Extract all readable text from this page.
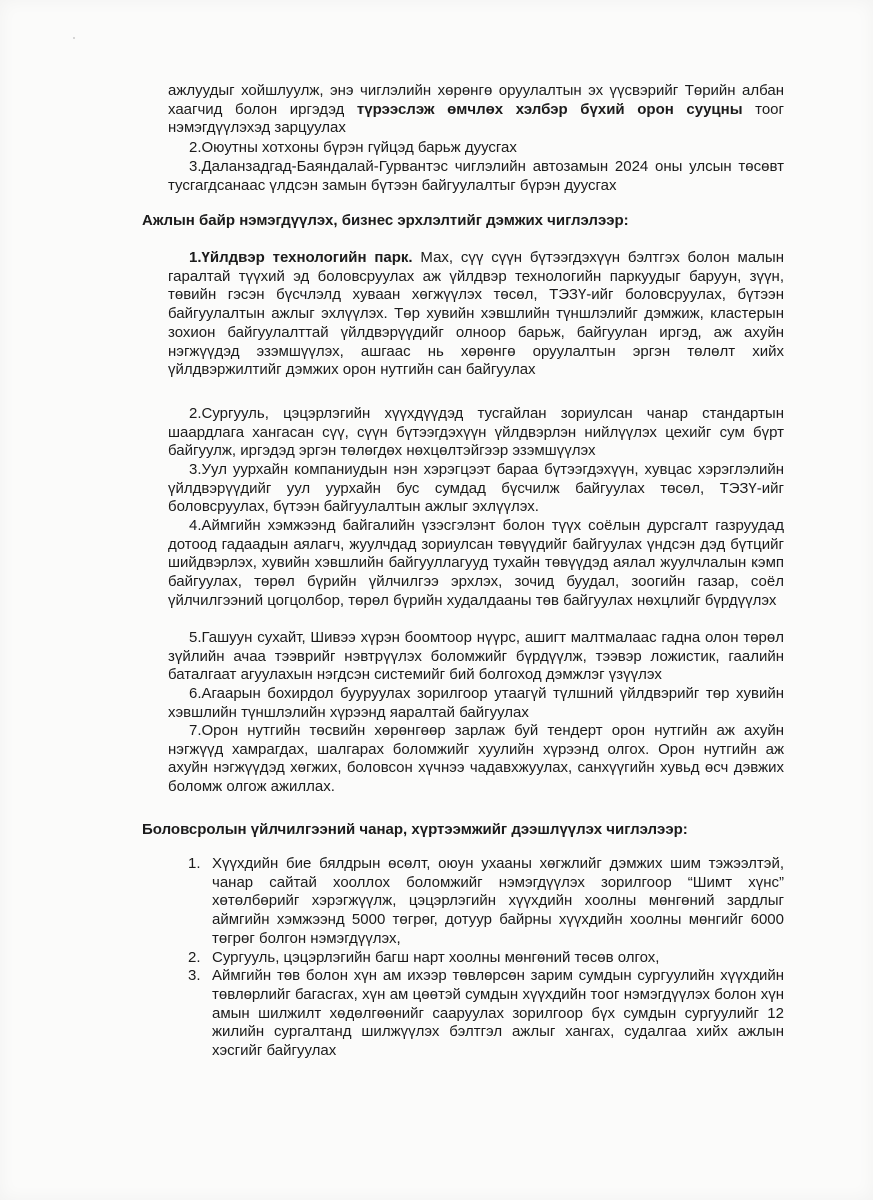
ажлуудыг хойшлуулж, энэ чиглэлийн хөрөнгө оруулалтын эх үүсвэрийг Төрийн албан хаагчид болон иргэдэд түрээслэж өмчлөх хэлбэр бүхий орон сууцны тоог нэмэгдүүлэхэд зарцуулах
2.Оюутны хотхоны бүрэн гүйцэд барьж дуусгах
3.Даланзадгад-Баяндалай-Гурвантэс чиглэлийн автозамын 2024 оны улсын төсөвт тусгагдсанаас үлдсэн замын бүтээн байгуулалтыг бүрэн дуусгах
Ажлын байр нэмэгдүүлэх, бизнес эрхлэлтийг дэмжих чиглэлээр:
1.Үйлдвэр технологийн парк. Мах, сүү сүүн бүтээгдэхүүн бэлтгэх болон малын гаралтай түүхий эд боловсруулах аж үйлдвэр технологийн паркуудыг баруун, зүүн, төвийн гэсэн бүсчлэлд хуваан хөгжүүлэх төсөл, ТЭЗҮ-ийг боловсруулах, бүтээн байгуулалтын ажлыг эхлүүлэх. Төр хувийн хэвшлийн түншлэлийг дэмжиж, кластерын зохион байгуулалттай үйлдвэрүүдийг олноор барьж, байгуулан иргэд, аж ахуйн нэгжүүдэд эзэмшүүлэх, ашгаас нь хөрөнгө оруулалтын эргэн төлөлт хийх үйлдвэржилтийг дэмжих орон нутгийн сан байгуулах
2.Сургууль, цэцэрлэгийн хүүхдүүдэд тусгайлан зориулсан чанар стандартын шаардлага хангасан сүү, сүүн бүтээгдэхүүн үйлдвэрлэн нийлүүлэх цехийг сум бүрт байгуулж, иргэдэд эргэн төлөгдөх нөхцөлтэйгээр эзэмшүүлэх
3.Уул уурхайн компаниудын нэн хэрэгцээт бараа бүтээгдэхүүн, хувцас хэрэглэлийн үйлдвэрүүдийг уул уурхайн бус сумдад бүсчилж байгуулах төсөл, ТЭЗҮ-ийг боловсруулах, бүтээн байгуулалтын ажлыг эхлүүлэх.
4.Аймгийн хэмжээнд байгалийн үзэсгэлэнт болон түүх соёлын дурсгалт газруудад дотоод гадаадын аялагч, жуулчдад зориулсан төвүүдийг байгуулах үндсэн дэд бүтцийг шийдвэрлэх, хувийн хэвшлийн байгууллагууд тухайн төвүүдэд аялал жуулчлалын кэмп байгуулах, төрөл бүрийн үйлчилгээ эрхлэх, зочид буудал, зоогийн газар, соёл үйлчилгээний цогцолбор, төрөл бүрийн худалдааны төв байгуулах нөхцлийг бүрдүүлэх
5.Гашуун сухайт, Шивээ хүрэн боомтоор нүүрс, ашигт малтмалаас гадна олон төрөл зүйлийн ачаа тээврийг нэвтрүүлэх боломжийг бүрдүүлж, тээвэр ложистик, гаалийн баталгаат агуулахын нэгдсэн системийг бий болгоход дэмжлэг үзүүлэх
6.Агаарын бохирдол бууруулах зорилгоор утаагүй түлшний үйлдвэрийг төр хувийн хэвшлийн түншлэлийн хүрээнд яаралтай байгуулах
7.Орон нутгийн төсвийн хөрөнгөөр зарлаж буй тендерт орон нутгийн аж ахуйн нэгжүүд хамрагдах, шалгарах боломжийг хуулийн хүрээнд олгох. Орон нутгийн аж ахуйн нэгжүүдэд хөгжих, боловсон хүчнээ чадавхжуулах, санхүүгийн хувьд өсч дэвжих боломж олгож ажиллах.
Боловсролын үйлчилгээний чанар, хүртээмжийг дээшлүүлэх чиглэлээр:
1. Хүүхдийн бие бялдрын өсөлт, оюун ухааны хөгжлийг дэмжих шим тэжээлтэй, чанар сайтай хооллох боломжийг нэмэгдүүлэх зорилгоор “Шимт хүнс” хөтөлбөрийг хэрэгжүүлж, цэцэрлэгийн хүүхдийн хоолны мөнгөний зардлыг аймгийн хэмжээнд 5000 төгрөг, дотуур байрны хүүхдийн хоолны мөнгийг 6000 төгрөг болгон нэмэгдүүлэх,
2. Сургууль, цэцэрлэгийн багш нарт хоолны мөнгөний төсөв олгох,
3. Аймгийн төв болон хүн ам ихээр төвлөрсөн зарим сумдын сургуулийн хүүхдийн төвлөрлийг багасгах, хүн ам цөөтэй сумдын хүүхдийн тоог нэмэгдүүлэх болон хүн амын шилжилт хөдөлгөөнийг сааруулах зорилгоор бүх сумдын сургуулийг 12 жилийн сургалтанд шилжүүлэх бэлтгэл ажлыг хангах, судалгаа хийх ажлын хэсгийг байгуулах
